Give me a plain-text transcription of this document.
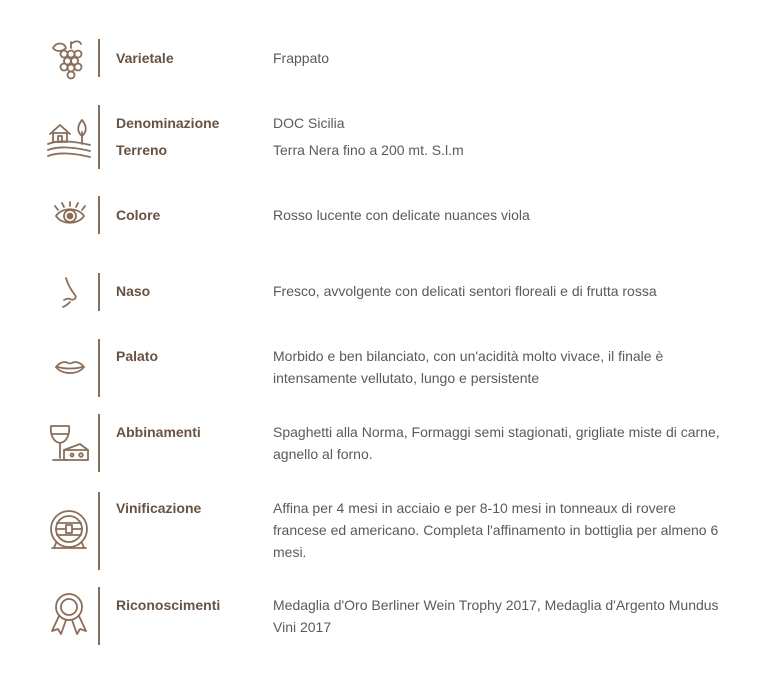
Varietale	Frappato
Denominazione	DOC Sicilia
Terreno	Terra Nera fino a 200 mt. S.l.m
Colore	Rosso lucente con delicate nuances viola
Naso	Fresco, avvolgente con delicati sentori floreali e di frutta rossa
Palato	Morbido e ben bilanciato, con un'acidità molto vivace, il finale è intensamente vellutato, lungo e persistente
Abbinamenti	Spaghetti alla Norma, Formaggi semi stagionati, grigliate miste di carne, agnello al forno.
Vinificazione	Affina per 4 mesi in acciaio e per 8-10 mesi in tonneaux di rovere francese ed americano. Completa l'affinamento in bottiglia per almeno 6 mesi.
Riconoscimenti	Medaglia d'Oro Berliner Wein Trophy 2017, Medaglia d'Argento Mundus Vini 2017
